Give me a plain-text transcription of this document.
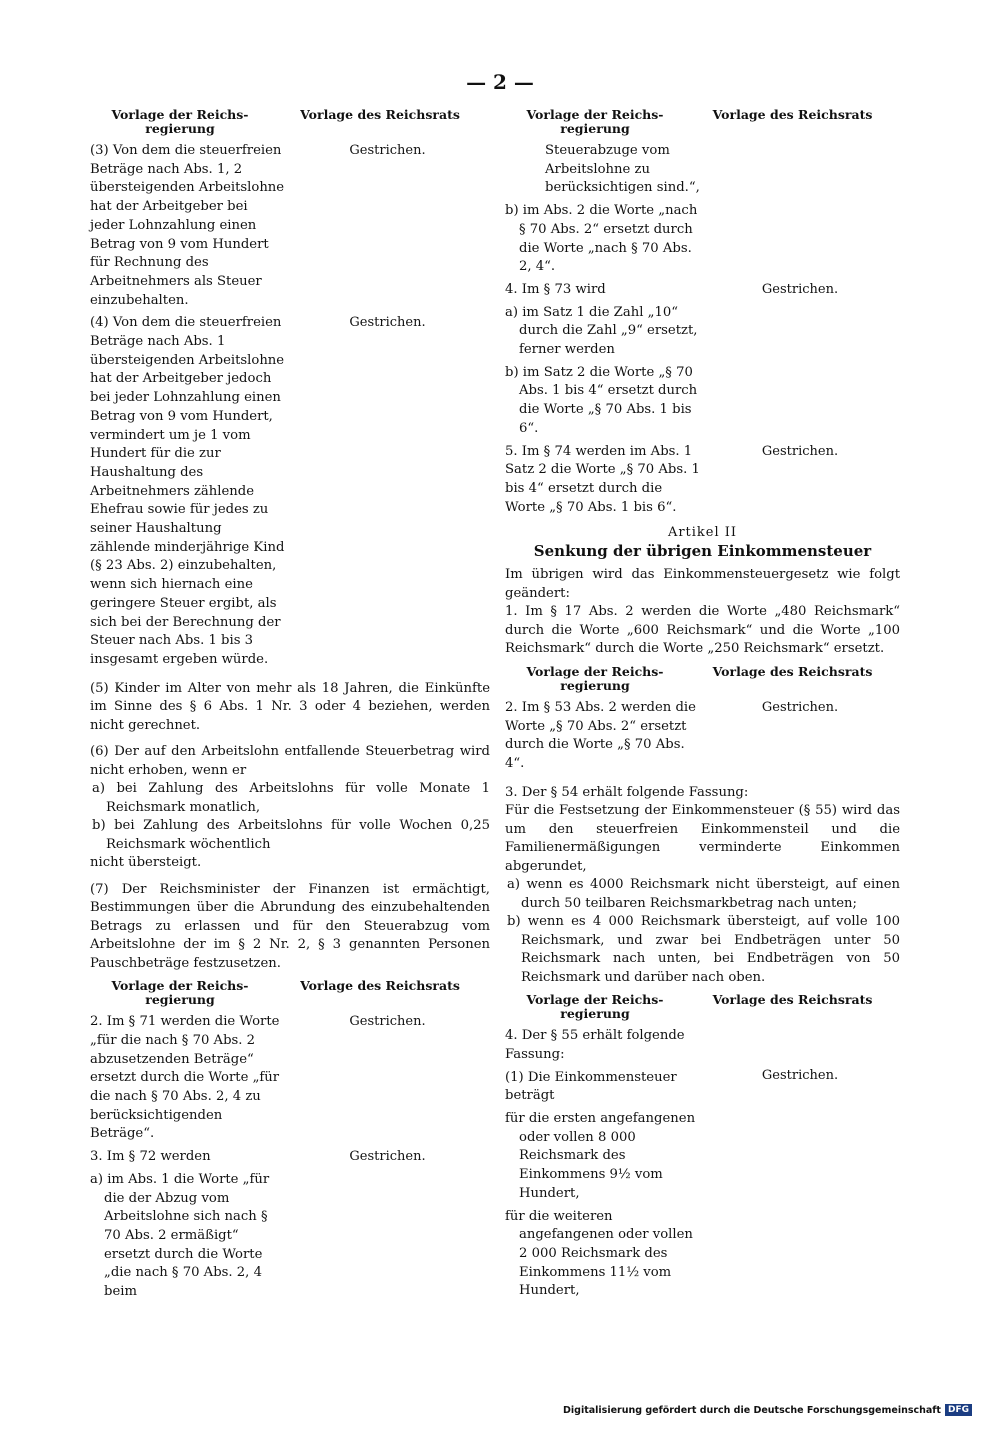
— 2 —
Vorlage der Reichs- regierung
Vorlage des Reichsrats

(3) Von dem die steuerfreien Beträge nach Abs. 1, 2 übersteigenden Arbeitslohne hat der Arbeitgeber bei jeder Lohnzahlung einen Betrag von 9 vom Hundert für Rechnung des Arbeitnehmers als Steuer einzubehalten.

Gestrichen.

(4) Von dem die steuerfreien Beträge nach Abs. 1 übersteigenden Arbeitslohne hat der Arbeitgeber jedoch bei jeder Lohnzahlung einen Betrag von 9 vom Hundert, vermindert um je 1 vom Hundert für die zur Haushaltung des Arbeitnehmers zählende Ehefrau sowie für jedes zu seiner Haushaltung zählende minderjährige Kind (§ 23 Abs. 2) einzubehalten, wenn sich hiernach eine geringere Steuer ergibt, als sich bei der Berechnung der Steuer nach Abs. 1 bis 3 insgesamt ergeben würde.

Gestrichen.

(5) Kinder im Alter von mehr als 18 Jahren, die Einkünfte im Sinne des § 6 Abs. 1 Nr. 3 oder 4 beziehen, werden nicht gerechnet.

(6) Der auf den Arbeitslohn entfallende Steuerbetrag wird nicht erhoben, wenn er

a) bei Zahlung des Arbeitslohns für volle Monate 1 Reichsmark monatlich,

b) bei Zahlung des Arbeitslohns für volle Wochen 0,25 Reichsmark wöchentlich

nicht übersteigt.

(7) Der Reichsminister der Finanzen ist ermächtigt, Bestimmungen über die Abrundung des einzubehaltenden Betrags zu erlassen und für den Steuerabzug vom Arbeitslohne der im § 2 Nr. 2, § 3 genannten Personen Pauschbeträge festzusetzen.

Vorlage der Reichs- regierung
Vorlage des Reichsrats

2. Im § 71 werden die Worte „für die nach § 70 Abs. 2 abzusetzenden Beträge“ ersetzt durch die Worte „für die nach § 70 Abs. 2, 4 zu berücksichtigenden Beträge“.

Gestrichen.

3. Im § 72 werden

a) im Abs. 1 die Worte „für die der Abzug vom Arbeitslohne sich nach § 70 Abs. 2 ermäßigt“ ersetzt durch die Worte „die nach § 70 Abs. 2, 4 beim

Gestrichen.
Vorlage der Reichs- regierung
Vorlage des Reichsrats

Steuerabzuge vom Arbeitslohne zu berücksichtigen sind.“,

b) im Abs. 2 die Worte „nach § 70 Abs. 2“ ersetzt durch die Worte „nach § 70 Abs. 2, 4“.

4. Im § 73 wird

a) im Satz 1 die Zahl „10“ durch die Zahl „9“ ersetzt, ferner werden

b) im Satz 2 die Worte „§ 70 Abs. 1 bis 4“ ersetzt durch die Worte „§ 70 Abs. 1 bis 6“.

Gestrichen.

5. Im § 74 werden im Abs. 1 Satz 2 die Worte „§ 70 Abs. 1 bis 4“ ersetzt durch die Worte „§ 70 Abs. 1 bis 6“.

Gestrichen.
Artikel II
Senkung der übrigen Einkommensteuer

Im übrigen wird das Einkommensteuergesetz wie folgt geändert:

1. Im § 17 Abs. 2 werden die Worte „480 Reichsmark“ durch die Worte „600 Reichsmark“ und die Worte „100 Reichsmark“ durch die Worte „250 Reichsmark“ ersetzt.

Vorlage der Reichs- regierung
Vorlage des Reichsrats

2. Im § 53 Abs. 2 werden die Worte „§ 70 Abs. 2“ ersetzt durch die Worte „§ 70 Abs. 4“.

Gestrichen.

3. Der § 54 erhält folgende Fassung:

Für die Festsetzung der Einkommensteuer (§ 55) wird das um den steuerfreien Einkommensteil und die Familienermäßigungen verminderte Einkommen abgerundet,

a) wenn es 4000 Reichsmark nicht übersteigt, auf einen durch 50 teilbaren Reichsmarkbetrag nach unten;

b) wenn es 4 000 Reichsmark übersteigt, auf volle 100 Reichsmark, und zwar bei Endbeträgen unter 50 Reichsmark nach unten, bei Endbeträgen von 50 Reichsmark und darüber nach oben.

Vorlage der Reichs- regierung
Vorlage des Reichsrats

4. Der § 55 erhält folgende Fassung:

(1) Die Einkommensteuer beträgt

für die ersten angefangenen oder vollen 8 000 Reichsmark des Einkommens 9½ vom Hundert,

für die weiteren angefangenen oder vollen 2 000 Reichsmark des Einkommens 11½ vom Hundert,

Gestrichen.
Digitalisierung gefördert durch die Deutsche Forschungsgemeinschaft DFG
